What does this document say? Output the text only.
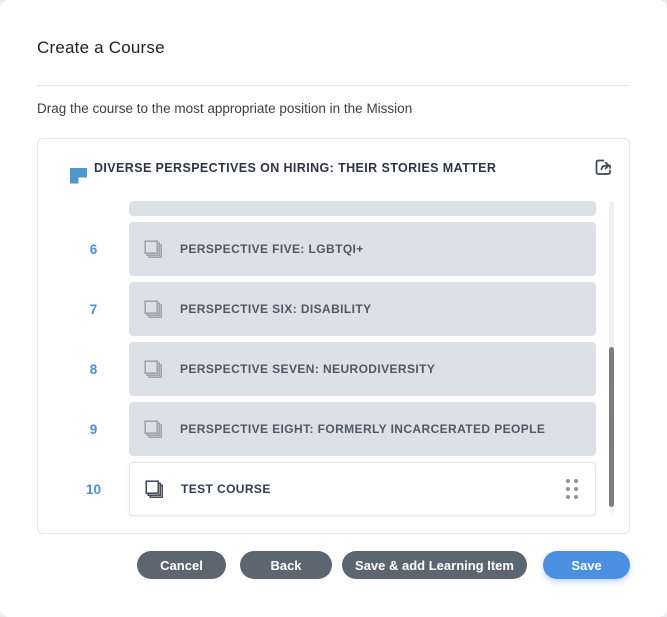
Create a Course
Drag the course to the most appropriate position in the Mission
DIVERSE PERSPECTIVES ON HIRING: THEIR STORIES MATTER
6	PERSPECTIVE FIVE: LGBTQI+
7	PERSPECTIVE SIX: DISABILITY
8	PERSPECTIVE SEVEN: NEURODIVERSITY
9	PERSPECTIVE EIGHT: FORMERLY INCARCERATED PEOPLE
10	TEST COURSE
Cancel	Back	Save & add Learning Item	Save
